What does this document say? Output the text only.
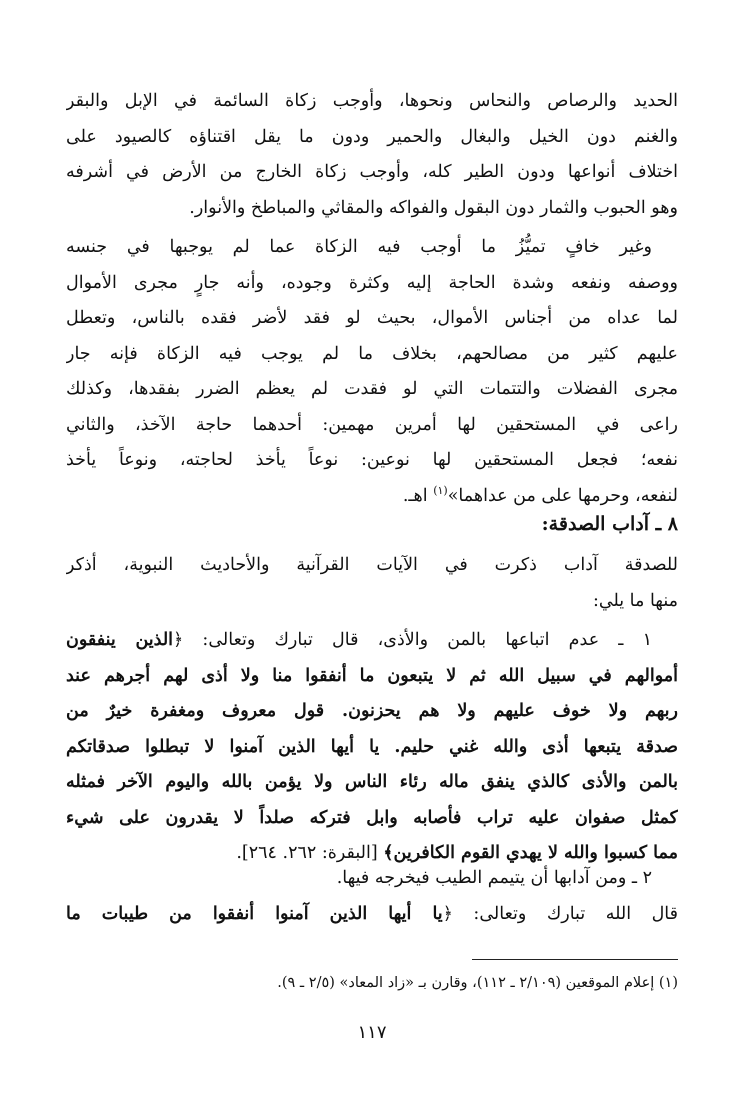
الحديد والرصاص والنحاس ونحوها، وأوجب زكاة السائمة في الإبل والبقر
والغنم دون الخيل والبغال والحمير ودون ما يقل اقتناؤه كالصيود على
اختلاف أنواعها ودون الطير كله، وأوجب زكاة الخارج من الأرض في أشرفه
وهو الحبوب والثمار دون البقول والفواكه والمقاثي والمباطخ والأنوار.
وغير خافٍ تميُّزُ ما أوجب فيه الزكاة عما لم يوجبها في جنسه
ووصفه ونفعه وشدة الحاجة إليه وكثرة وجوده، وأنه جارٍ مجرى الأموال
لما عداه من أجناس الأموال، بحيث لو فقد لأضر فقده بالناس، وتعطل
عليهم كثير من مصالحهم، بخلاف ما لم يوجب فيه الزكاة فإنه جار
مجرى الفضلات والتتمات التي لو فقدت لم يعظم الضرر بفقدها، وكذلك
راعى في المستحقين لها أمرين مهمين: أحدهما حاجة الآخذ، والثاني
نفعه؛ فجعل المستحقين لها نوعين: نوعاً يأخذ لحاجته، ونوعاً يأخذ
لنفعه، وحرمها على من عداهما»$^{(١)}$ اهـ.
٨ ـ آداب الصدقة:
للصدقة آداب ذكرت في الآيات القرآنية والأحاديث النبوية، أذكر
منها ما يلي:
١ ـ عدم اتباعها بالمن والأذى، قال تبارك وتعالى: ﴿الذين ينفقون
أموالهم في سبيل الله ثم لا يتبعون ما أنفقوا منا ولا أذى لهم أجرهم عند
ربهم ولا خوف عليهم ولا هم يحزنون. قول معروف ومغفرة خيرٌ من
صدقة يتبعها أذى والله غني حليم. يا أيها الذين آمنوا لا تبطلوا صدقاتكم
بالمن والأذى كالذي ينفق ماله رئاء الناس ولا يؤمن بالله واليوم الآخر فمثله
كمثل صفوان عليه تراب فأصابه وابل فتركه صلداً لا يقدرون على شيء
مما كسبوا والله لا يهدي القوم الكافرين﴾ [البقرة: ٢٦٢. ٢٦٤].
٢ ـ ومن آدابها أن يتيمم الطيب فيخرجه فيها.
قال الله تبارك وتعالى: ﴿يا أيها الذين آمنوا أنفقوا من طيبات ما
(١) إعلام الموقعين (٢/١٠٩ ـ ١١٢)، وقارن بـ «زاد المعاد» (٢/٥ ـ ٩).
١١٧
